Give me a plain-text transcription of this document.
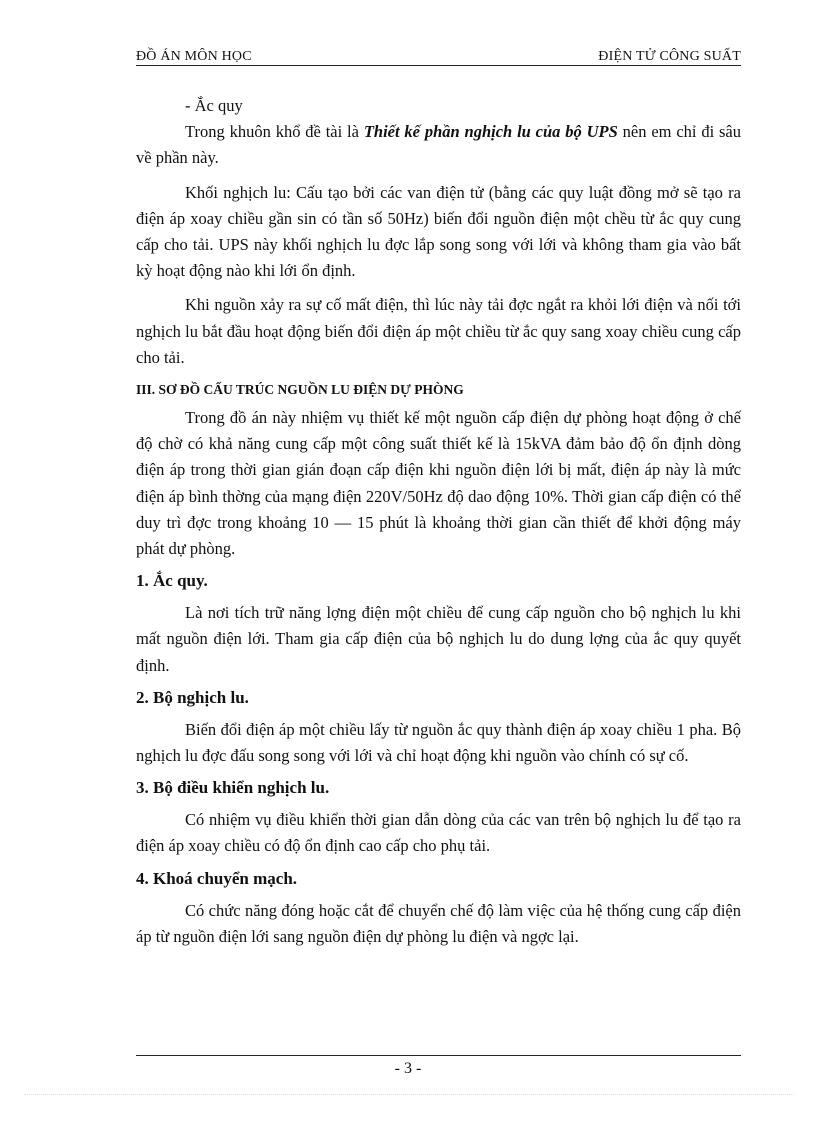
ĐỒ ÁN MÔN HỌC	ĐIỆN TỬ CÔNG SUẤT

- Ắc quy

Trong khuôn khổ đề tài là Thiết kế phần nghịch lu của bộ UPS nên em chỉ đi sâu về phần này.

Khối nghịch lu: Cấu tạo bởi các van điện tử (bằng các quy luật đồng mở sẽ tạo ra điện áp xoay chiều gần sin có tần số 50Hz) biến đổi nguồn điện một chều từ ắc quy cung cấp cho tải. UPS này khối nghịch lu đợc lắp song song với lới và không tham gia vào bất kỳ hoạt động nào khi lới ổn định.

Khi nguồn xảy ra sự cố mất điện, thì lúc này tải đợc ngắt ra khỏi lới điện và nối tới nghịch lu bắt đầu hoạt động biến đổi điện áp một chiều từ ắc quy sang xoay chiều cung cấp cho tải.

III. SƠ ĐỒ CẤU TRÚC NGUỒN LU ĐIỆN DỰ PHÒNG

Trong đồ án này nhiệm vụ thiết kế một nguồn cấp điện dự phòng hoạt động ở chế độ chờ có khả năng cung cấp một công suất thiết kế là 15kVA đảm bảo độ ổn định dòng điện áp trong thời gian gián đoạn cấp điện khi nguồn điện lới bị mất, điện áp này là mức điện áp bình thờng của mạng điện 220V/50Hz độ dao động 10%. Thời gian cấp điện có thể duy trì đợc trong khoảng 10 — 15 phút là khoảng thời gian cần thiết để khởi động máy phát dự phòng.

1. Ắc quy.

Là nơi tích trữ năng lợng điện một chiều để cung cấp nguồn cho bộ nghịch lu khi mất nguồn điện lới. Tham gia cấp điện của bộ nghịch lu do dung lợng của ắc quy quyết định.

2. Bộ nghịch lu.

Biến đổi điện áp một chiều lấy từ nguồn ắc quy thành điện áp xoay chiều 1 pha. Bộ nghịch lu đợc đấu song song với lới và chỉ hoạt động khi nguồn vào chính có sự cố.

3. Bộ điều khiển nghịch lu.

Có nhiệm vụ điều khiển thời gian dẫn dòng của các van trên bộ nghịch lu để tạo ra điện áp xoay chiều có độ ổn định cao cấp cho phụ tải.

4. Khoá chuyển mạch.

Có chức năng đóng hoặc cắt để chuyển chế độ làm việc của hệ thống cung cấp điện áp từ nguồn điện lới sang nguồn điện dự phòng lu điện và ngợc lại.

- 3 -
